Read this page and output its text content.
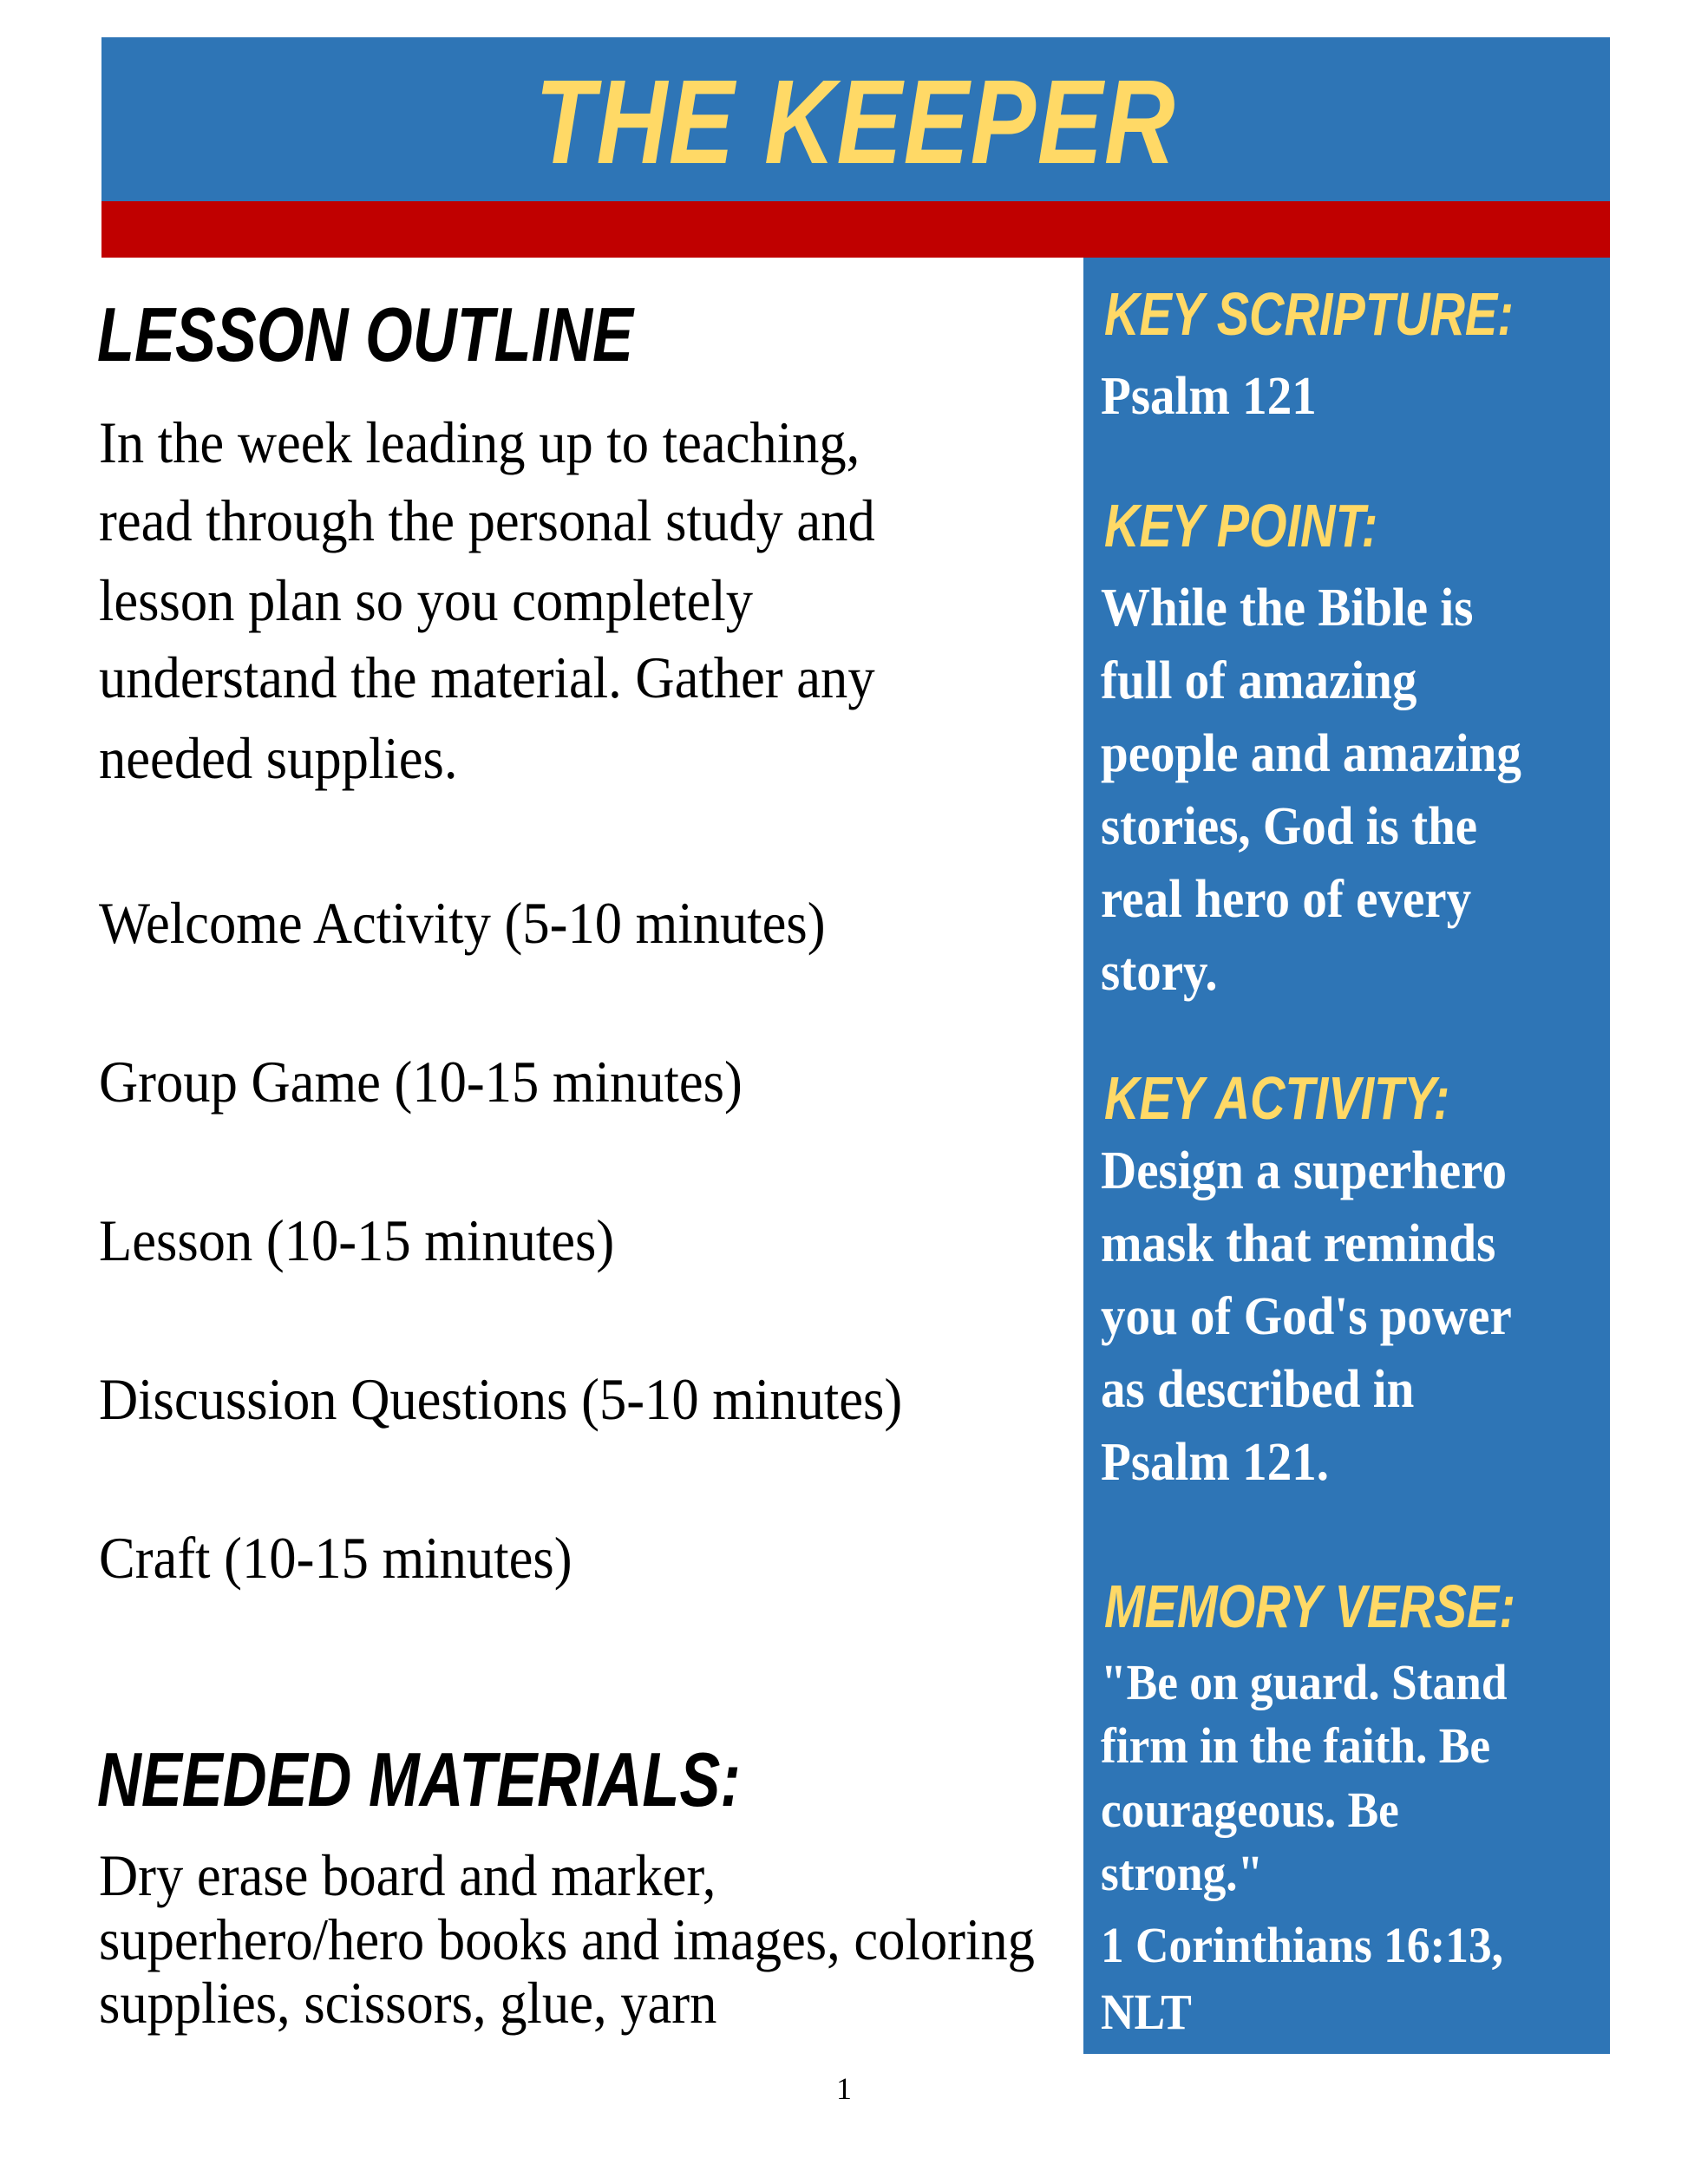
THE KEEPER
LESSON OUTLINE
In the week leading up to teaching,
read through the personal study and
lesson plan so you completely
understand the material. Gather any
needed supplies.
Welcome Activity (5-10 minutes)
Group Game (10-15 minutes)
Lesson (10-15 minutes)
Discussion Questions (5-10 minutes)
Craft (10-15 minutes)
NEEDED MATERIALS:
Dry erase board and marker,
superhero/hero books and images, coloring
supplies, scissors, glue, yarn
KEY SCRIPTURE:
Psalm 121
KEY POINT:
While the Bible is
full of amazing
people and amazing
stories, God is the
real hero of every
story.
KEY ACTIVITY:
Design a superhero
mask that reminds
you of God's power
as described in
Psalm 121.
MEMORY VERSE:
"Be on guard. Stand
firm in the faith. Be
courageous. Be
strong."
1 Corinthians 16:13,
NLT
1
